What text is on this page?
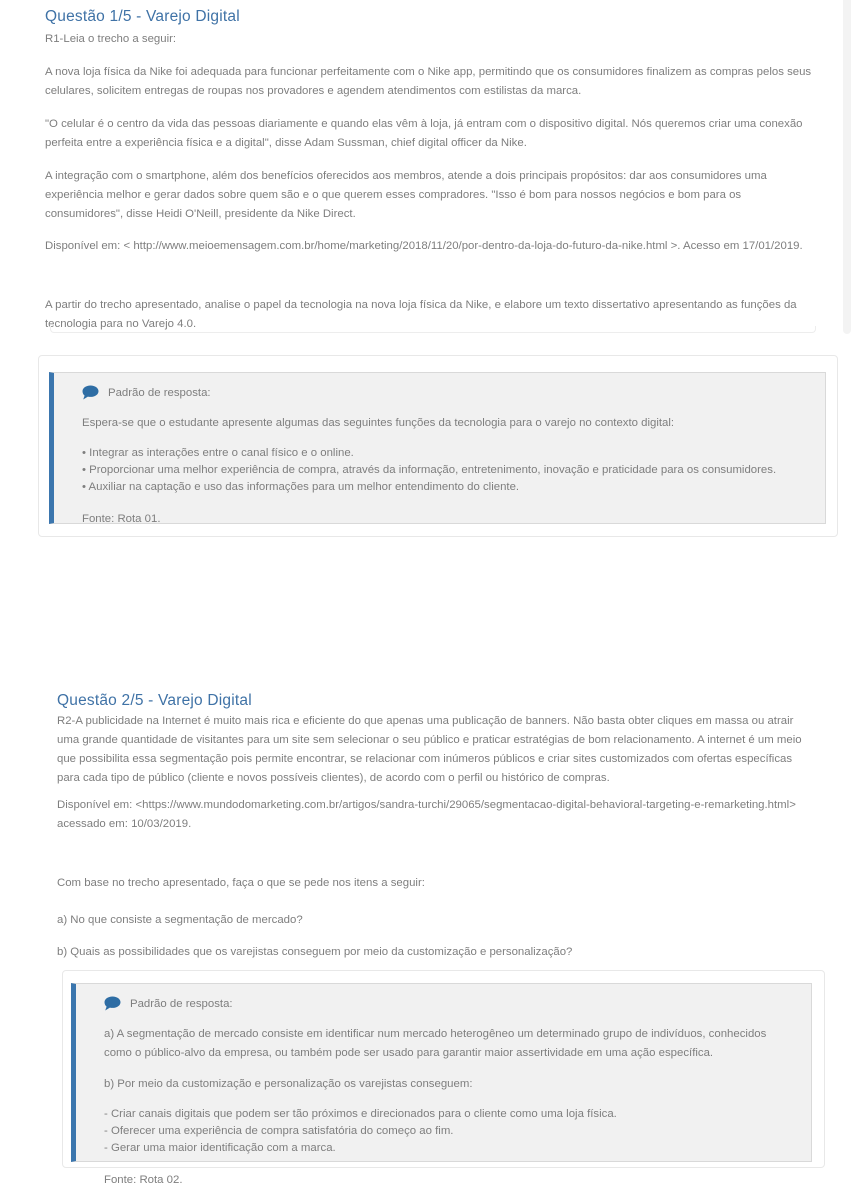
Questão 1/5 - Varejo Digital
R1-Leia o trecho a seguir:
A nova loja física da Nike foi adequada para funcionar perfeitamente com o Nike app, permitindo que os consumidores finalizem as compras pelos seus celulares, solicitem entregas de roupas nos provadores e agendem atendimentos com estilistas da marca.
"O celular é o centro da vida das pessoas diariamente e quando elas vêm à loja, já entram com o dispositivo digital. Nós queremos criar uma conexão perfeita entre a experiência física e a digital", disse Adam Sussman, chief digital officer da Nike.
A integração com o smartphone, além dos benefícios oferecidos aos membros, atende a dois principais propósitos: dar aos consumidores uma experiência melhor e gerar dados sobre quem são e o que querem esses compradores. "Isso é bom para nossos negócios e bom para os consumidores", disse Heidi O'Neill, presidente da Nike Direct.
Disponível em: < http://www.meioemensagem.com.br/home/marketing/2018/11/20/por-dentro-da-loja-do-futuro-da-nike.html >. Acesso em 17/01/2019.
A partir do trecho apresentado, analise o papel da tecnologia na nova loja física da Nike, e elabore um texto dissertativo apresentando as funções da tecnologia para no Varejo 4.0.
Padrão de resposta:
Espera-se que o estudante apresente algumas das seguintes funções da tecnologia para o varejo no contexto digital:
• Integrar as interações entre o canal físico e o online.
• Proporcionar uma melhor experiência de compra, através da informação, entretenimento, inovação e praticidade para os consumidores.
• Auxiliar na captação e uso das informações para um melhor entendimento do cliente.
Fonte: Rota 01.
Questão 2/5 - Varejo Digital
R2-A publicidade na Internet é muito mais rica e eficiente do que apenas uma publicação de banners. Não basta obter cliques em massa ou atrair uma grande quantidade de visitantes para um site sem selecionar o seu público e praticar estratégias de bom relacionamento. A internet é um meio que possibilita essa segmentação pois permite encontrar, se relacionar com inúmeros públicos e criar sites customizados com ofertas específicas para cada tipo de público (cliente e novos possíveis clientes), de acordo com o perfil ou histórico de compras.
Disponível em: <https://www.mundodomarketing.com.br/artigos/sandra-turchi/29065/segmentacao-digital-behavioral-targeting-e-remarketing.html> acessado em: 10/03/2019.
Com base no trecho apresentado, faça o que se pede nos itens a seguir:
a) No que consiste a segmentação de mercado?
b) Quais as possibilidades que os varejistas conseguem por meio da customização e personalização?
Padrão de resposta:
a) A segmentação de mercado consiste em identificar num mercado heterogêneo um determinado grupo de indivíduos, conhecidos como o público-alvo da empresa, ou também pode ser usado para garantir maior assertividade em uma ação específica.
b) Por meio da customização e personalização os varejistas conseguem:
- Criar canais digitais que podem ser tão próximos e direcionados para o cliente como uma loja física.
- Oferecer uma experiência de compra satisfatória do começo ao fim.
- Gerar uma maior identificação com a marca.
Fonte: Rota 02.
